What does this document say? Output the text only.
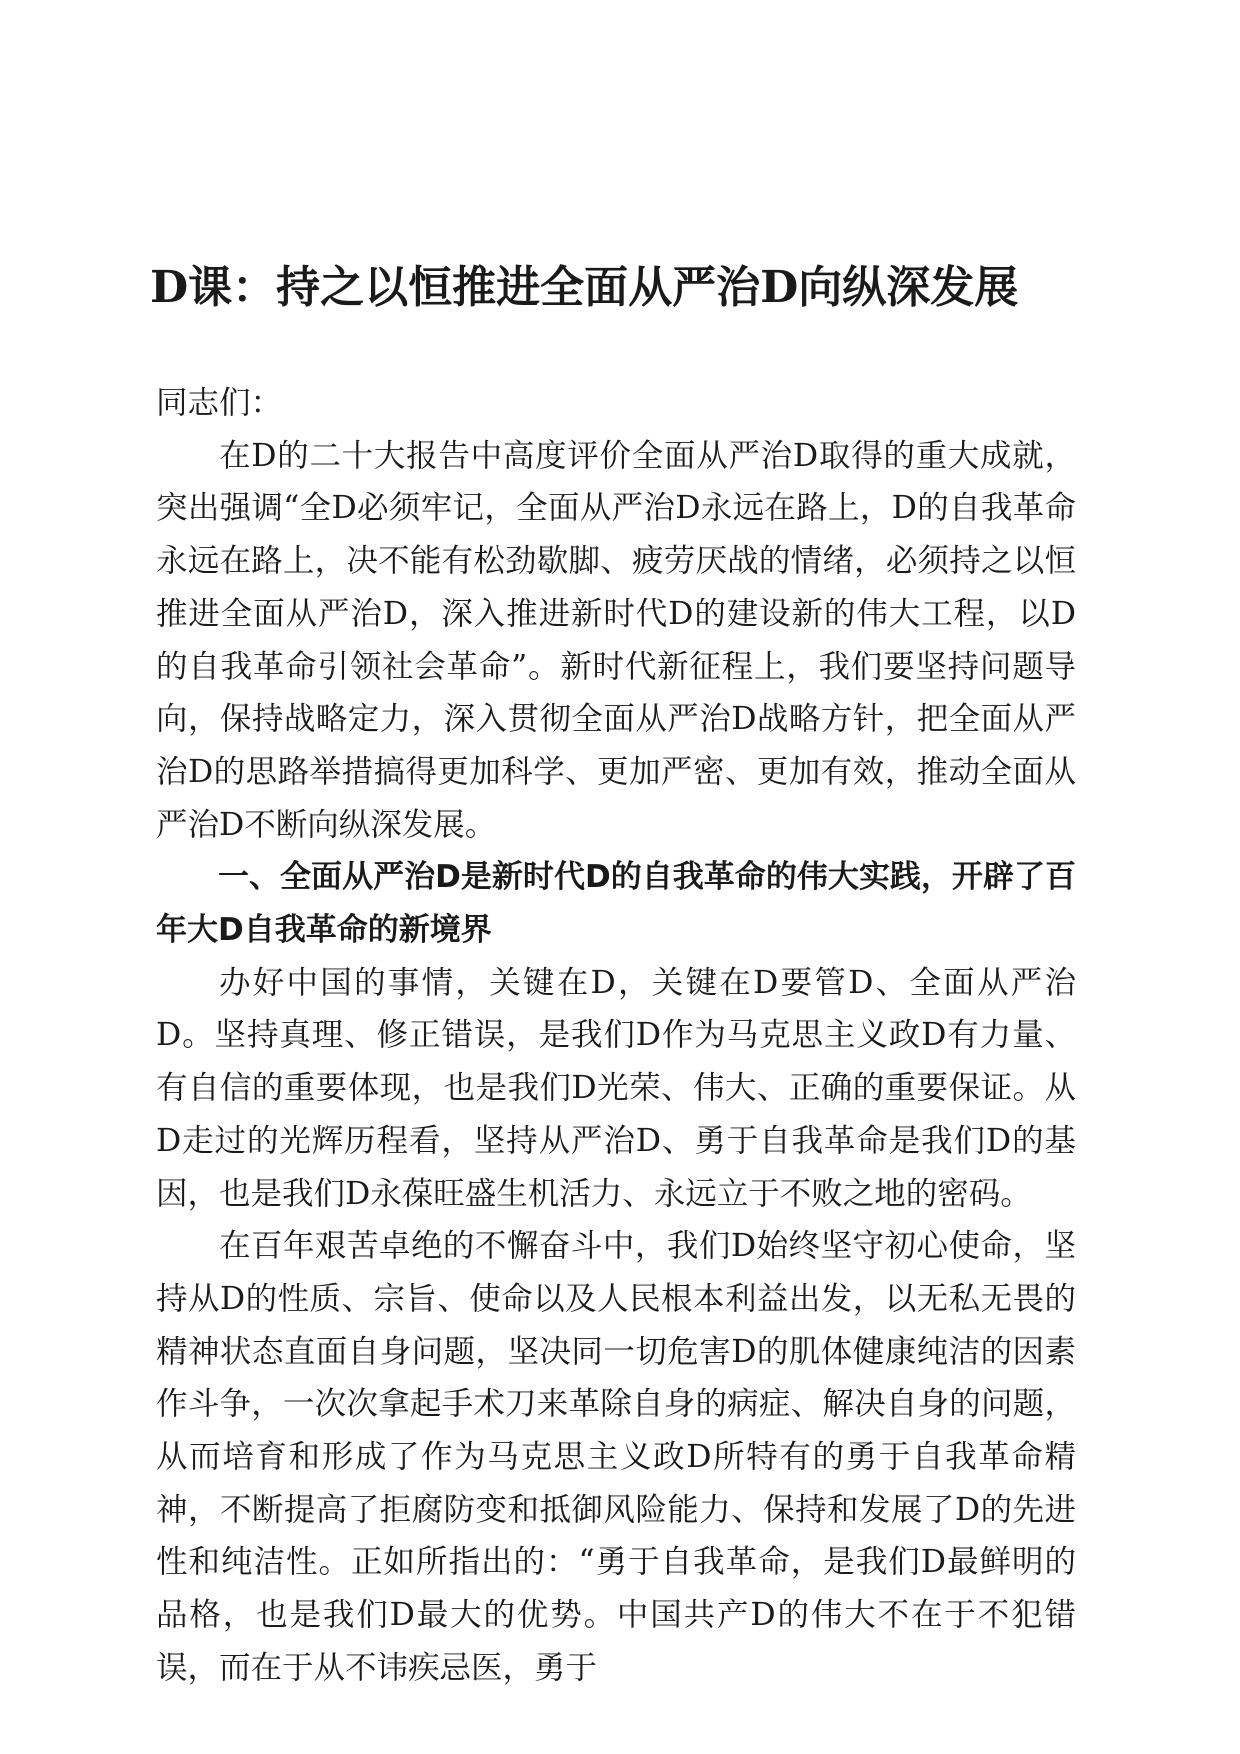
D课：持之以恒推进全面从严治D向纵深发展

同志们：

在D的二十大报告中高度评价全面从严治D取得的重大成就，突出强调“全D必须牢记，全面从严治D永远在路上，D的自我革命永远在路上，决不能有松劲歇脚、疲劳厌战的情绪，必须持之以恒推进全面从严治D，深入推进新时代D的建设新的伟大工程，以D的自我革命引领社会革命”。新时代新征程上，我们要坚持问题导向，保持战略定力，深入贯彻全面从严治D战略方针，把全面从严治D的思路举措搞得更加科学、更加严密、更加有效，推动全面从严治D不断向纵深发展。

一、全面从严治D是新时代D的自我革命的伟大实践，开辟了百年大D自我革命的新境界

办好中国的事情，关键在D，关键在D要管D、全面从严治D。坚持真理、修正错误，是我们D作为马克思主义政D有力量、有自信的重要体现，也是我们D光荣、伟大、正确的重要保证。从D走过的光辉历程看，坚持从严治D、勇于自我革命是我们D的基因，也是我们D永葆旺盛生机活力、永远立于不败之地的密码。

在百年艰苦卓绝的不懈奋斗中，我们D始终坚守初心使命，坚持从D的性质、宗旨、使命以及人民根本利益出发，以无私无畏的精神状态直面自身问题，坚决同一切危害D的肌体健康纯洁的因素作斗争，一次次拿起手术刀来革除自身的病症、解决自身的问题，从而培育和形成了作为马克思主义政D所特有的勇于自我革命精神，不断提高了拒腐防变和抵御风险能力、保持和发展了D的先进性和纯洁性。正如所指出的：“勇于自我革命，是我们D最鲜明的品格，也是我们D最大的优势。中国共产D的伟大不在于不犯错误，而在于从不讳疾忌医，勇于
